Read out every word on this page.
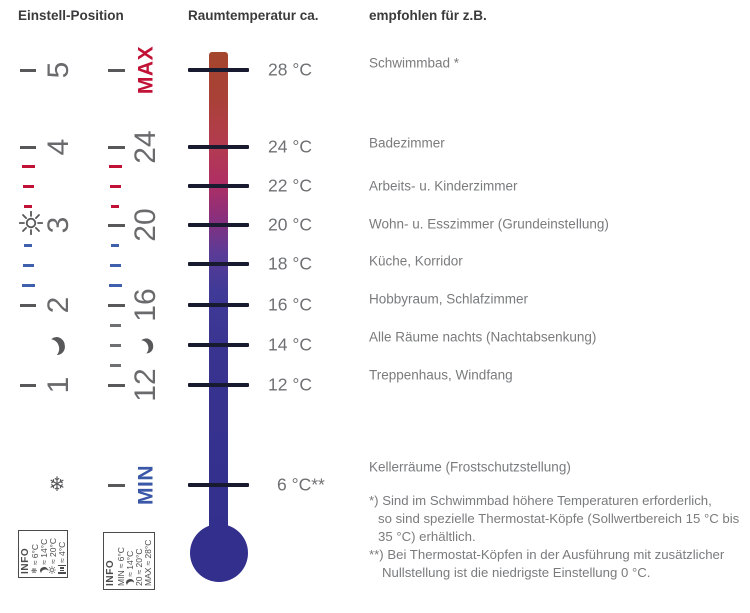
Einstell-Position	Raumtemperatur ca.	empfohlen für z.B.
5
4
3
2
1
MAX
24
20
16
12
MIN
❄
28 °C
24 °C
22 °C
20 °C
18 °C
16 °C
14 °C
12 °C
6 °C**
Schwimmbad *
Badezimmer
Arbeits- u. Kinderzimmer
Wohn- u. Esszimmer (Grundeinstellung)
Küche, Korridor
Hobbyraum, Schlafzimmer
Alle Räume nachts (Nachtabsenkung)
Treppenhaus, Windfang
Kellerräume (Frostschutzstellung)
*) Sind im Schwimmbad höhere Temperaturen erforderlich,
so sind spezielle Thermostat-Köpfe (Sollwertbereich 15 °C bis
35 °C) erhältlich.
**) Bei Thermostat-Köpfen in der Ausführung mit zusätzlicher
Nullstellung ist die niedrigste Einstellung 0 °C.
INFO ❄
≈ 6°C
≈ 14°C ≈ 20°C ≈ 4°C
INFO MIN
≈ 6°C ≈ 14°C
20
≈ 20°C
MAX
≈ 28°C
